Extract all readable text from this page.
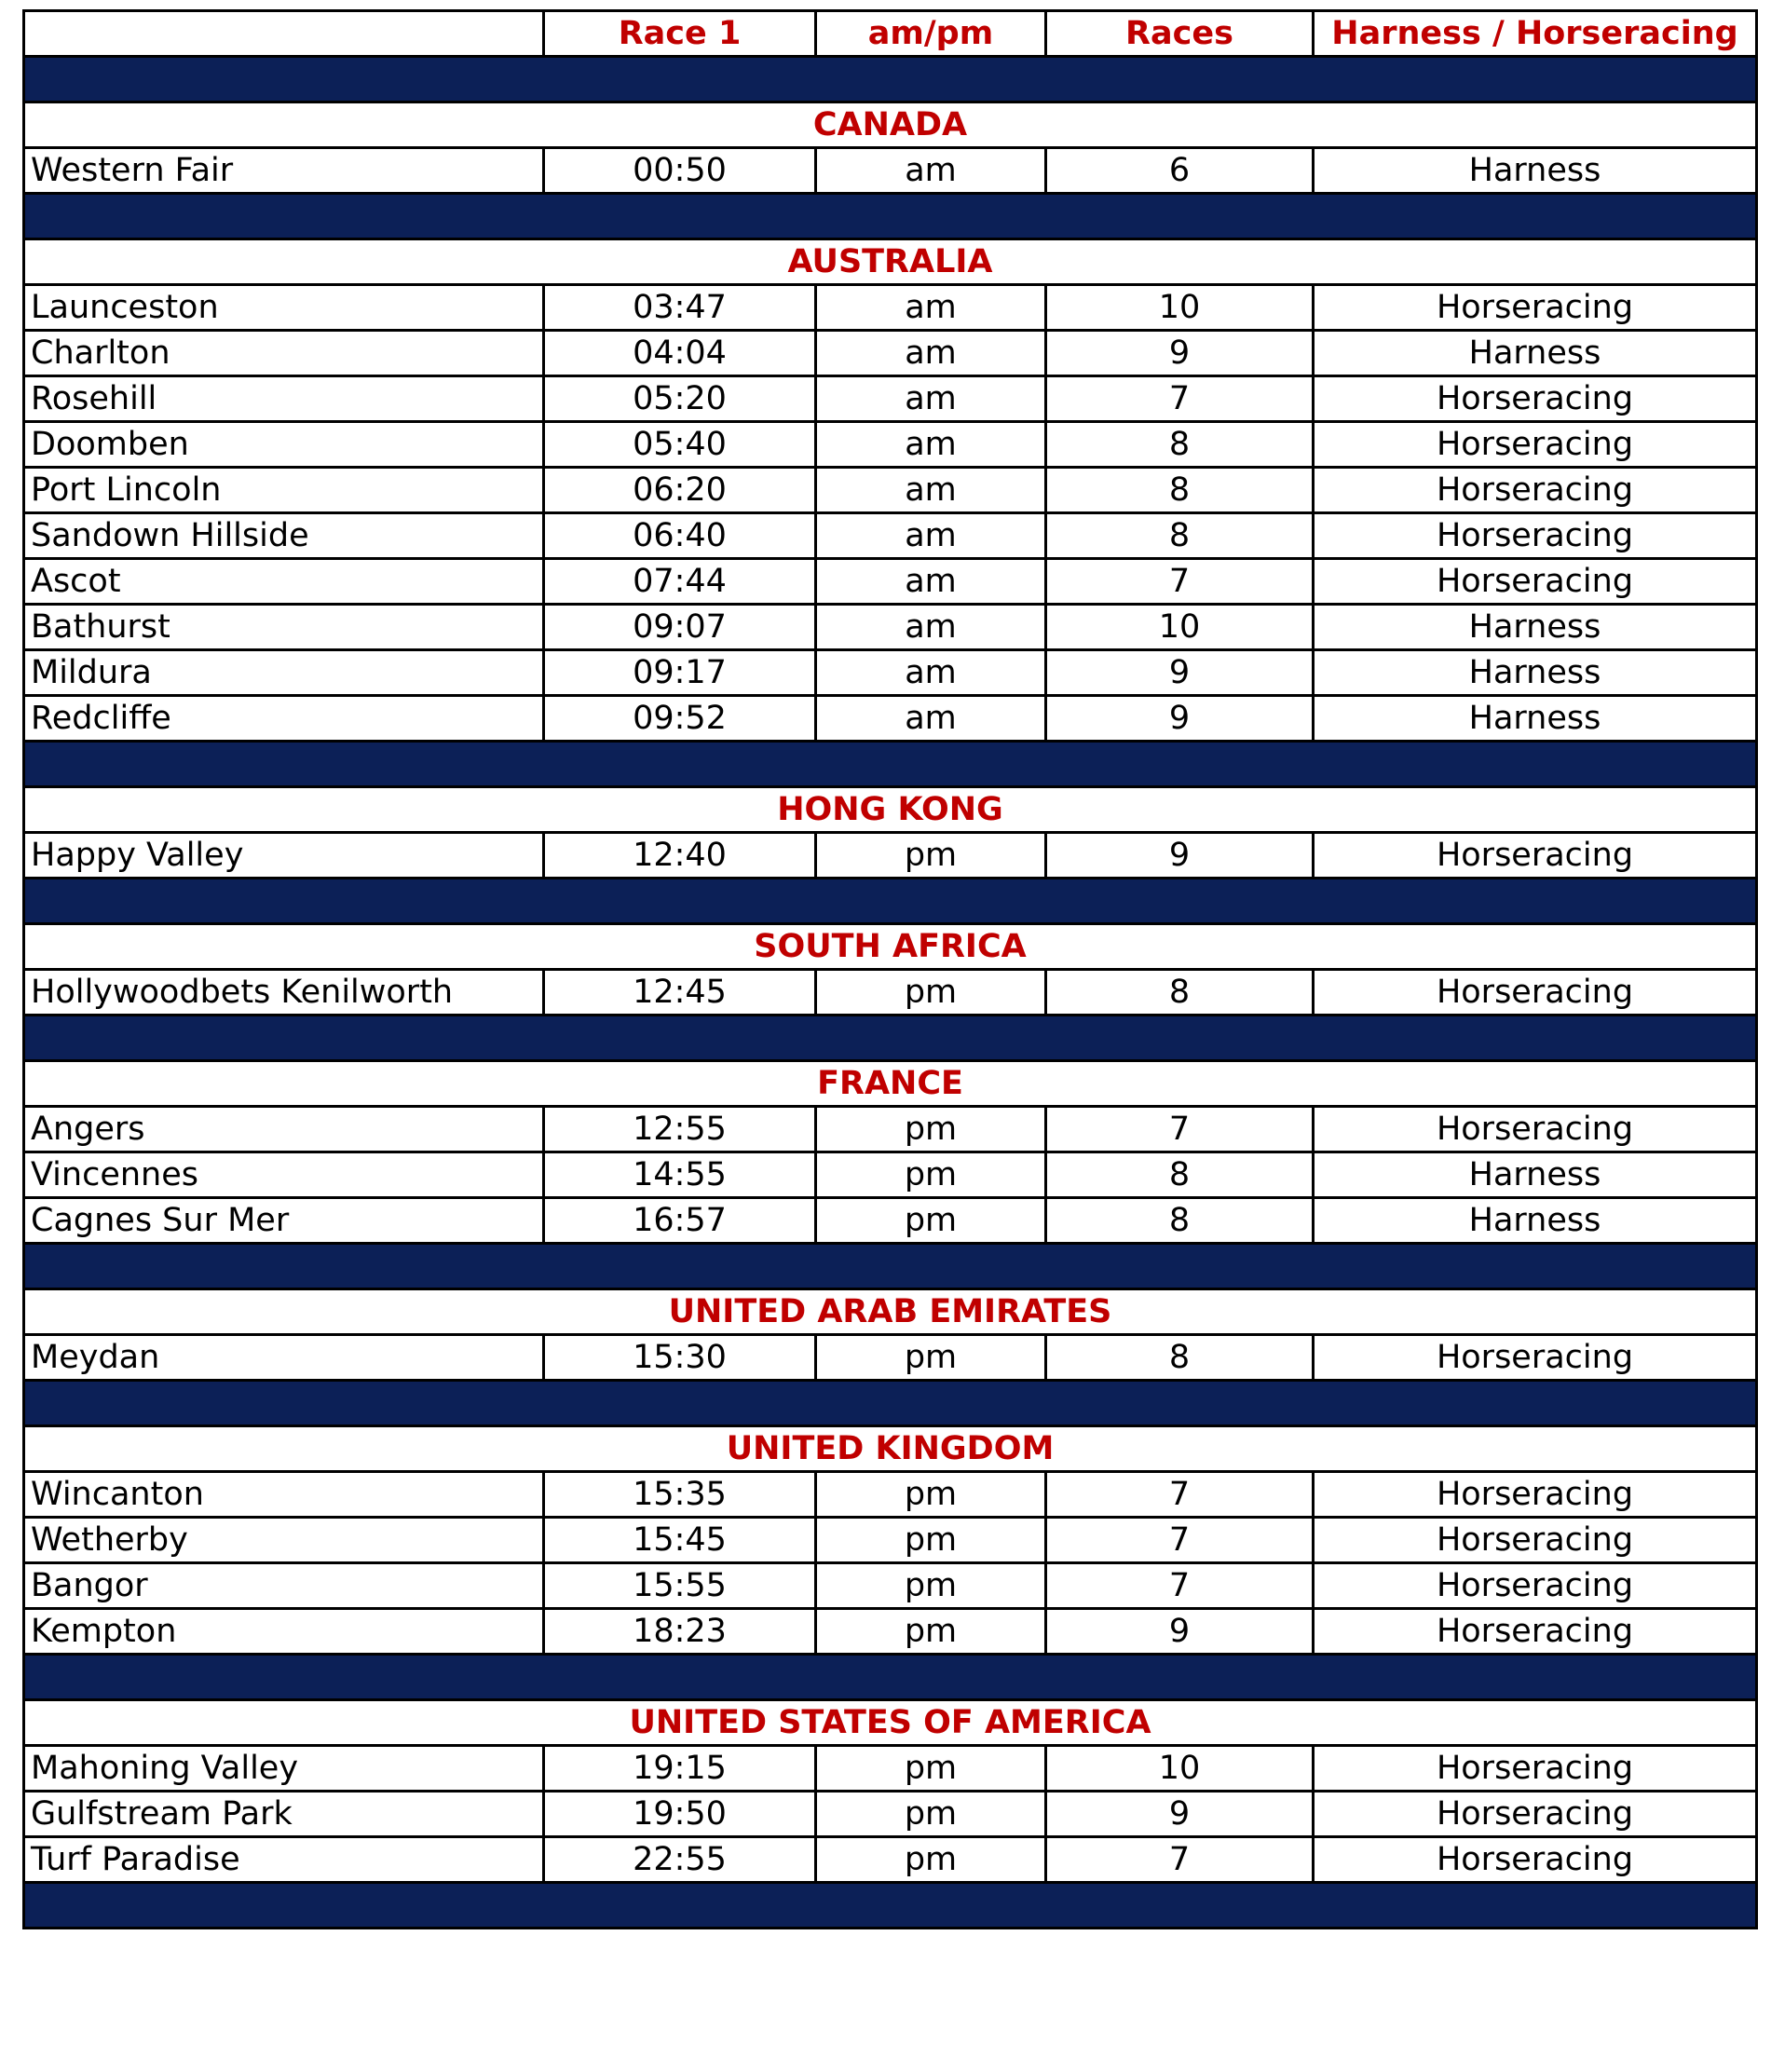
	Race 1	am/pm	Races	Harness / Horseracing

CANADA				
Western Fair	00:50	am	6	Harness

AUSTRALIA				
Launceston	03:47	am	10	Horseracing
Charlton	04:04	am	9	Harness
Rosehill	05:20	am	7	Horseracing
Doomben	05:40	am	8	Horseracing
Port Lincoln	06:20	am	8	Horseracing
Sandown Hillside	06:40	am	8	Horseracing
Ascot	07:44	am	7	Horseracing
Bathurst	09:07	am	10	Harness
Mildura	09:17	am	9	Harness
Redcliffe	09:52	am	9	Harness

HONG KONG				
Happy Valley	12:40	pm	9	Horseracing

SOUTH AFRICA				
Hollywoodbets Kenilworth	12:45	pm	8	Horseracing

FRANCE				
Angers	12:55	pm	7	Horseracing
Vincennes	14:55	pm	8	Harness
Cagnes Sur Mer	16:57	pm	8	Harness

UNITED ARAB EMIRATES				
Meydan	15:30	pm	8	Horseracing

UNITED KINGDOM				
Wincanton	15:35	pm	7	Horseracing
Wetherby	15:45	pm	7	Horseracing
Bangor	15:55	pm	7	Horseracing
Kempton	18:23	pm	9	Horseracing

UNITED STATES OF AMERICA				
Mahoning Valley	19:15	pm	10	Horseracing
Gulfstream Park	19:50	pm	9	Horseracing
Turf Paradise	22:55	pm	7	Horseracing
